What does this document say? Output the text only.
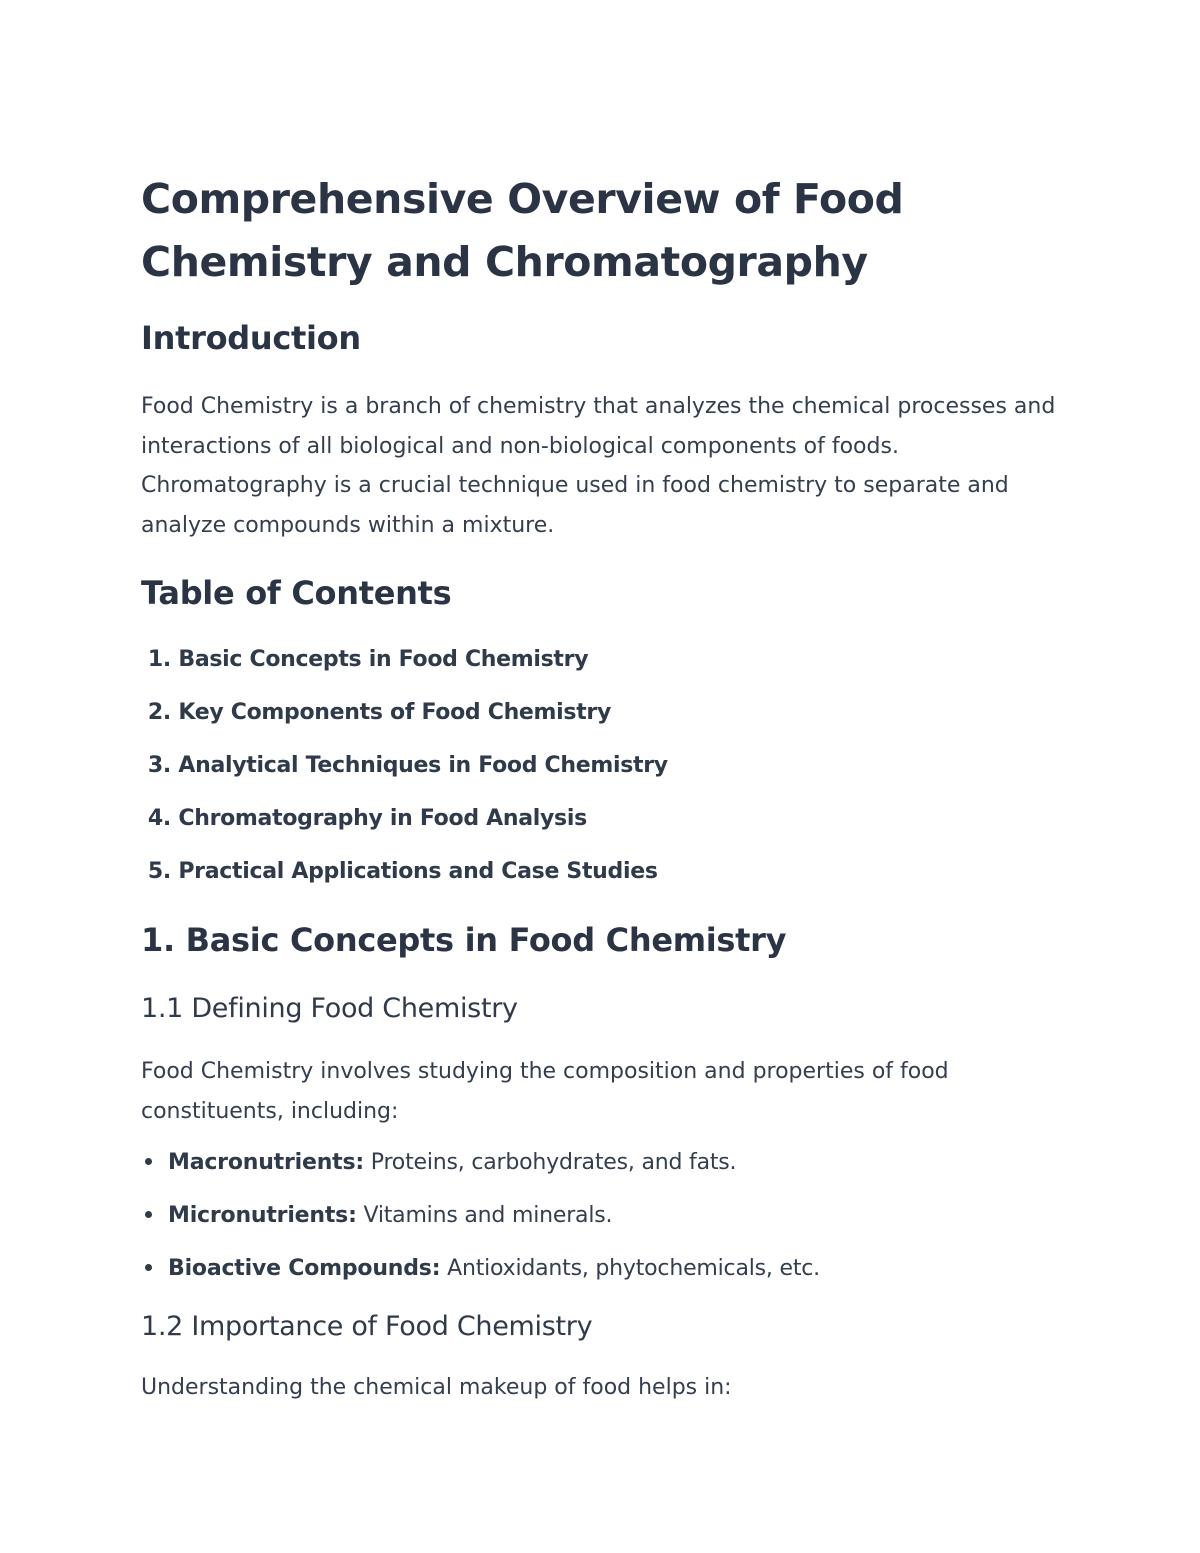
Comprehensive Overview of Food Chemistry and Chromatography
Introduction

Food Chemistry is a branch of chemistry that analyzes the chemical processes and interactions of all biological and non-biological components of foods. Chromatography is a crucial technique used in food chemistry to separate and analyze compounds within a mixture.

Table of Contents
1. Basic Concepts in Food Chemistry
2. Key Components of Food Chemistry
3. Analytical Techniques in Food Chemistry
4. Chromatography in Food Analysis
5. Practical Applications and Case Studies
1. Basic Concepts in Food Chemistry
1.1 Defining Food Chemistry

Food Chemistry involves studying the composition and properties of food constituents, including:

Macronutrients: Proteins, carbohydrates, and fats.
Micronutrients: Vitamins and minerals.
Bioactive Compounds: Antioxidants, phytochemicals, etc.
1.2 Importance of Food Chemistry

Understanding the chemical makeup of food helps in:
